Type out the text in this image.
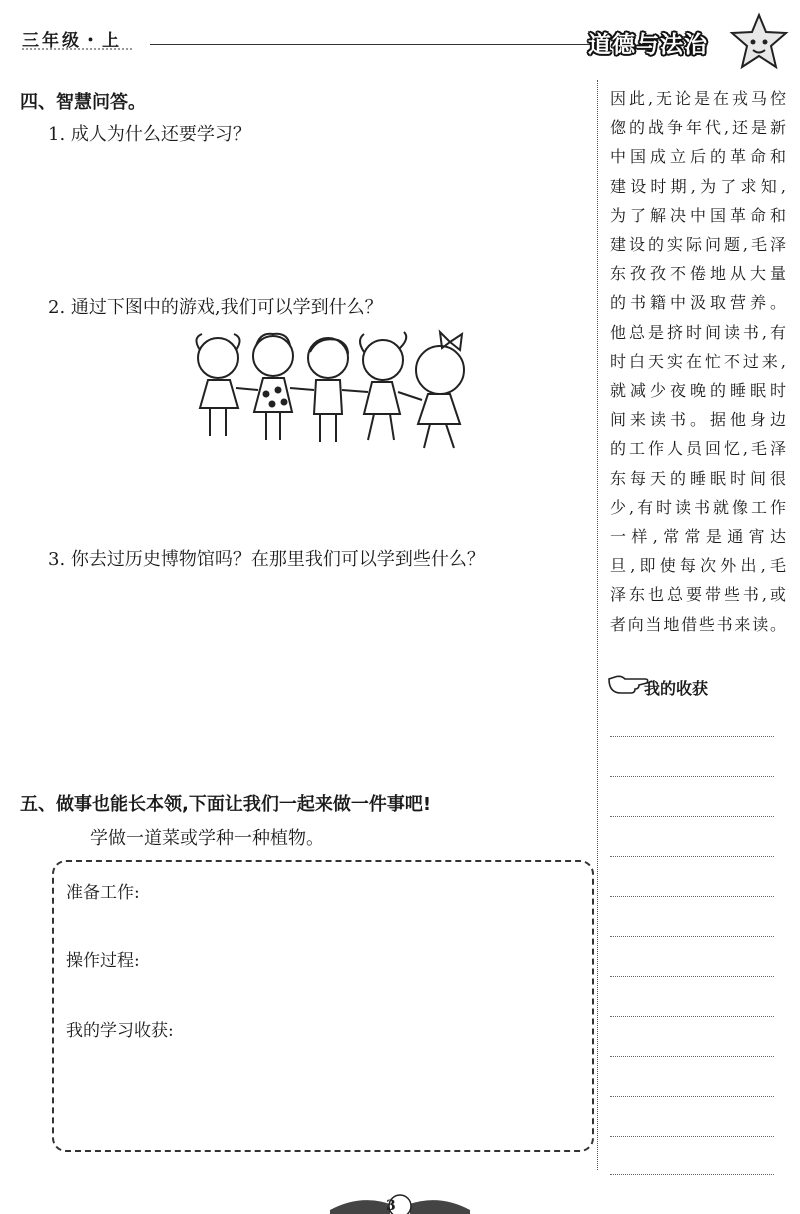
三年级・上	道德与法治
四、智慧问答。
1. 成人为什么还要学习？
2. 通过下图中的游戏,我们可以学到什么？
3. 你去过历史博物馆吗？在那里我们可以学到些什么？
五、做事也能长本领,下面让我们一起来做一件事吧!
学做一道菜或学种一种植物。
准备工作:
操作过程:
我的学习收获:
因此,无论是在戎马倥
偬的战争年代,还是新
中国成立后的革命和
建设时期,为了求知,
为了解决中国革命和
建设的实际问题,毛泽
东孜孜不倦地从大量
的书籍中汲取营养。
他总是挤时间读书,有
时白天实在忙不过来,
就减少夜晚的睡眠时
间来读书。据他身边
的工作人员回忆,毛泽
东每天的睡眠时间很
少,有时读书就像工作
一样,常常是通宵达
旦,即使每次外出,毛
泽东也总要带些书,或
者向当地借些书来读。
我的收获
3
